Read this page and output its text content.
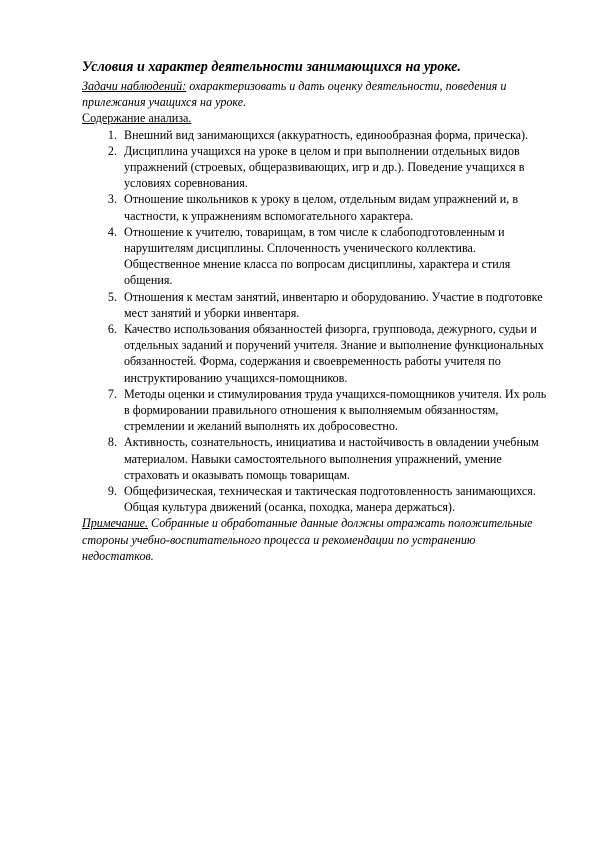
Условия и характер деятельности занимающихся на уроке.

Задачи наблюдений: охарактеризовать и дать оценку деятельности, поведения и прилежания учащихся на уроке.

Содержание анализа.

1. Внешний вид занимающихся (аккуратность, единообразная форма, прическа).
2. Дисциплина учащихся на уроке в целом и при выполнении отдельных видов упражнений (строевых, общеразвивающих, игр и др.). Поведение учащихся в условиях соревнования.
3. Отношение школьников к уроку в целом, отдельным видам упражнений и, в частности, к упражнениям вспомогательного характера.
4. Отношение к учителю, товарищам, в том числе к слабоподготовленным и нарушителям дисциплины. Сплоченность ученического коллектива. Общественное мнение класса по вопросам дисциплины, характера и стиля общения.
5. Отношения к местам занятий, инвентарю и оборудованию. Участие в подготовке мест занятий и уборки инвентаря.
6. Качество использования обязанностей физорга, групповода, дежурного, судьи и отдельных заданий и поручений учителя. Знание и выполнение функциональных обязанностей. Форма, содержания и своевременность работы учителя по инструктированию учащихся-помощников.
7. Методы оценки и стимулирования труда учащихся-помощников учителя. Их роль в формировании правильного отношения к выполняемым обязанностям, стремлении и желаний выполнять их добросовестно.
8. Активность, сознательность, инициатива и настойчивость в овладении учебным материалом. Навыки самостоятельного выполнения упражнений, умение страховать и оказывать помощь товарищам.
9. Общефизическая, техническая и тактическая подготовленность занимающихся. Общая культура движений (осанка, походка, манера держаться).

Примечание. Собранные и обработанные данные должны отражать положительные стороны учебно-воспитательного процесса и рекомендации по устранению недостатков.
